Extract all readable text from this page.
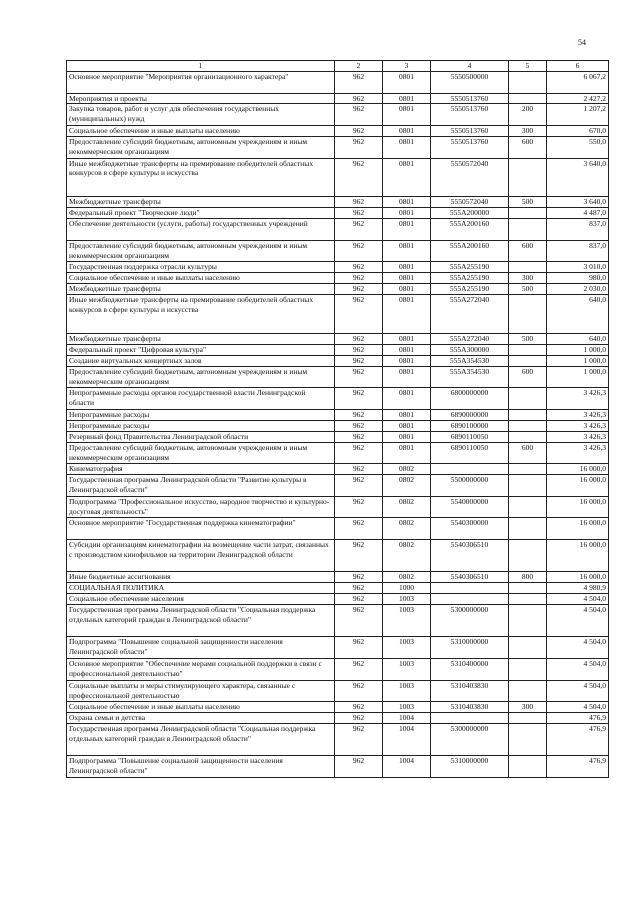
54
1	2	3	4	5	6
Основное мероприятие "Мероприятия организационного характера"	962	0801	5550500000		6 067,2
Мероприятия и проекты	962	0801	5550513760		2 427,2
Закупка товаров, работ и услуг для обеспечения государственных (муниципальных) нужд	962	0801	5550513760	200	1 207,2
Социальное обеспечение и иные выплаты населению	962	0801	5550513760	300	670,0
Предоставление субсидий бюджетным, автономным учреждениям и иным некоммерческим организациям	962	0801	5550513760	600	550,0
Иные межбюджетные трансферты на премирование победителей областных конкурсов в сфере культуры и искусства	962	0801	5550572040		3 640,0
Межбюджетные трансферты	962	0801	5550572040	500	3 640,0
Федеральный проект "Творческие люди"	962	0801	555A200000		4 487,0
Обеспечение деятельности (услуги, работы) государственных учреждений	962	0801	555A200160		837,0
Предоставление субсидий бюджетным, автономным учреждениям и иным некоммерческим организациям	962	0801	555A200160	600	837,0
Государственная поддержка отрасли культуры	962	0801	555A255190		3 010,0
Социальное обеспечение и иные выплаты населению	962	0801	555A255190	300	980,0
Межбюджетные трансферты	962	0801	555A255190	500	2 030,0
Иные межбюджетные трансферты на премирование победителей областных конкурсов в сфере культуры и искусства	962	0801	555A272040		640,0
Межбюджетные трансферты	962	0801	555A272040	500	640,0
Федеральный проект "Цифровая культура"	962	0801	555A300000		1 000,0
Создание виртуальных концертных залов	962	0801	555A354530		1 000,0
Предоставление субсидий бюджетным, автономным учреждениям и иным некоммерческим организациям	962	0801	555A354530	600	1 000,0
Непрограммные расходы органов государственной власти Ленинградской области	962	0801	6800000000		3 426,3
Непрограммные расходы	962	0801	6890000000		3 426,3
Непрограммные расходы	962	0801	6890100000		3 426,3
Резервный фонд Правительства Ленинградской области	962	0801	6890110050		3 426,3
Предоставление субсидий бюджетным, автономным учреждениям и иным некоммерческим организациям	962	0801	6890110050	600	3 426,3
Кинематография	962	0802			16 000,0
Государственная программа Ленинградской области "Развитие культуры в Ленинградской области"	962	0802	5500000000		16 000,0
Подпрограмма "Профессиональное искусство, народное творчество и культурно-досуговая деятельность"	962	0802	5540000000		16 000,0
Основное мероприятие "Государственная поддержка кинематографии"	962	0802	5540300000		16 000,0
Субсидии организациям кинематографии на возмещение части затрат, связанных с производством кинофильмов на территории Ленинградской области	962	0802	5540306510		16 000,0
Иные бюджетные ассигнования	962	0802	5540306510	800	16 000,0
СОЦИАЛЬНАЯ ПОЛИТИКА	962	1000			4 980,9
Социальное обеспечение населения	962	1003			4 504,0
Государственная программа Ленинградской области "Социальная поддержка отдельных категорий граждан в Ленинградской области"	962	1003	5300000000		4 504,0
Подпрограмма "Повышение социальной защищенности населения Ленинградской области"	962	1003	5310000000		4 504,0
Основное мероприятие "Обеспечение мерами социальной поддержки в связи с профессиональной деятельностью"	962	1003	5310400000		4 504,0
Социальные выплаты и меры стимулирующего характера, связанные с профессиональной деятельностью	962	1003	5310403830		4 504,0
Социальное обеспечение и иные выплаты населению	962	1003	5310403830	300	4 504,0
Охрана семьи и детства	962	1004			476,9
Государственная программа Ленинградской области "Социальная поддержка отдельных категорий граждан в Ленинградской области"	962	1004	5300000000		476,9
Подпрограмма "Повышение социальной защищенности населения Ленинградской области"	962	1004	5310000000		476,9
